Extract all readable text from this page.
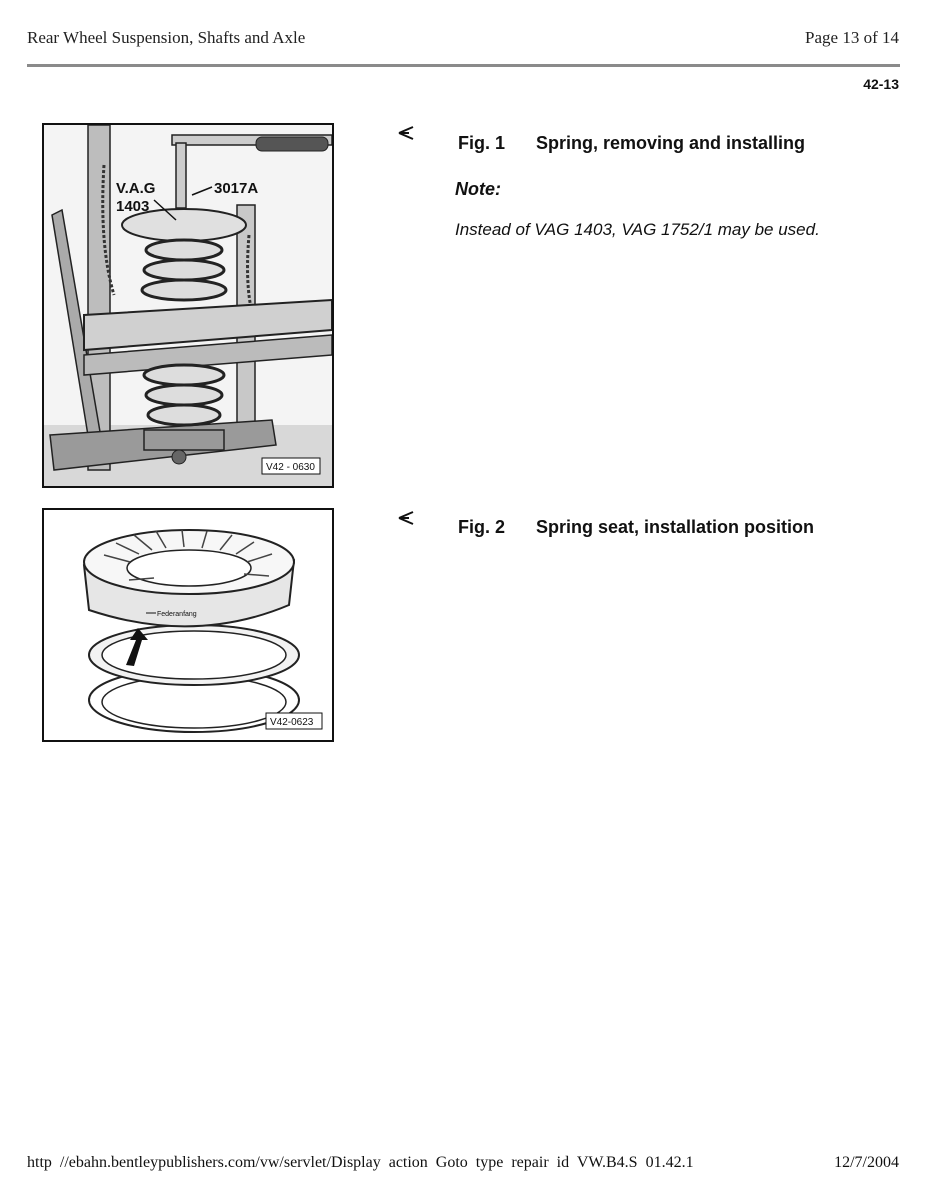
Rear Wheel Suspension, Shafts and Axle	Page 13 of 14
42-13
V.A.G
1403
3017A
V42 - 0630
Fig. 1 Spring, removing and installing
Note:
Instead of VAG 1403, VAG 1752/1 may be used.
Federanfang
V42-0623
Fig. 2 Spring seat, installation position
http //ebahn.bentleypublishers.com/vw/servlet/Display action Goto type repair id VW.B4.S 01.42.1	12/7/2004
